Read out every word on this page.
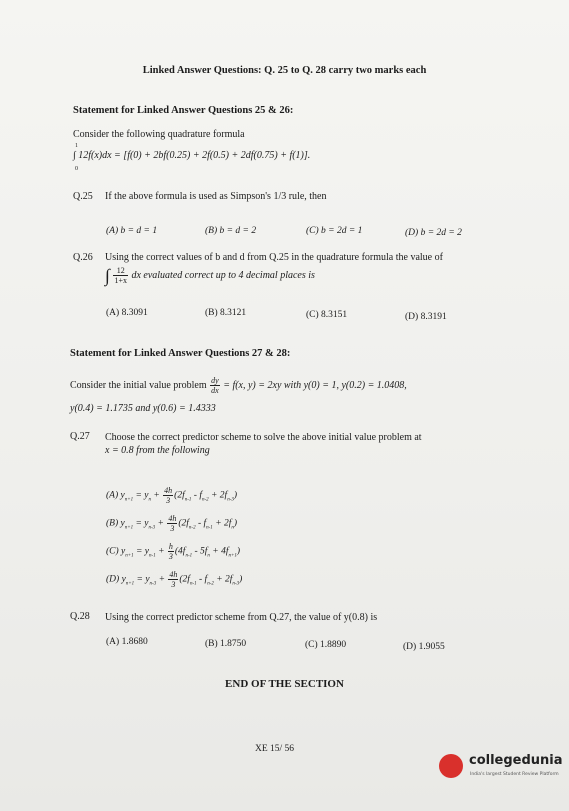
Linked Answer Questions: Q. 25 to Q. 28 carry two marks each
Statement for Linked Answer Questions 25 & 26:
Consider the following quadrature formula
∫ 12f(x)dx = [f(0) + 2bf(0.25) + 2f(0.5) + 2df(0.75) + f(1)].
1
0
Q.25 If the above formula is used as Simpson's 1/3 rule, then
(A) b = d = 1	(B) b = d = 2	(C) b = 2d = 1	(D) b = 2d = 2
Q.26 Using the correct values of b and d from Q.25 in the quadrature formula the value of
∫ $\frac{12}{1+x}$ dx evaluated correct up to 4 decimal places is
(A) 8.3091	(B) 8.3121	(C) 8.3151	(D) 8.3191
Statement for Linked Answer Questions 27 & 28:
Consider the initial value problem $\frac{dy}{dx} = f(x$, y) = 2xy with y(0) = 1, y(0.2) = 1.0408,
y(0.4) = 1.1735 and y(0.6) = 1.4333
Q.27 Choose the correct predictor scheme to solve the above initial value problem at
x = 0.8 from the following
(A) $y_{n+1} = y_n + \frac{4h}{3} (2f_{n-1} - f_{n-2} + 2f_{n-3})$
(B) $y_{n+1} = y_{n-3} + \frac{4h}{3} (2f_{n-2} - f_{n-1} + 2f_n)$
(C) $y_{n+1} = y_{n-1} + \frac{h}{3} (4f_{n-1} - 5f_n + 4f_{n+1})$
(D) $y_{n+1} = y_{n-3} + \frac{4h}{3} (2f_{n-1} - f_{n-2} + 2f_{n-3})$
Q.28 Using the correct predictor scheme from Q.27, the value of y(0.8) is
(A) 1.8680	(B) 1.8750	(C) 1.8890	(D) 1.9055
END OF THE SECTION
XE 15/ 56
collegedunia
India's largest Student Review Platform
